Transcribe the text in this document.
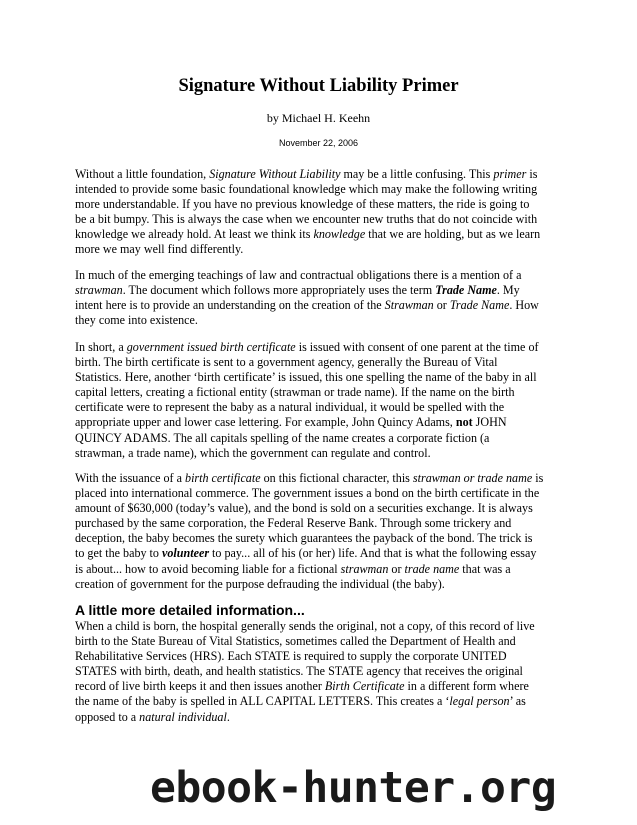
Signature Without Liability Primer
by Michael H. Keehn
November 22, 2006
Without a little foundation, Signature Without Liability may be a little confusing. This primer is
intended to provide some basic foundational knowledge which may make the following writing
more understandable. If you have no previous knowledge of these matters, the ride is going to
be a bit bumpy. This is always the case when we encounter new truths that do not coincide with
knowledge we already hold. At least we think its knowledge that we are holding, but as we learn
more we may well find differently.
In much of the emerging teachings of law and contractual obligations there is a mention of a
strawman. The document which follows more appropriately uses the term Trade Name. My
intent here is to provide an understanding on the creation of the Strawman or Trade Name. How
they come into existence.
In short, a government issued birth certificate is issued with consent of one parent at the time of
birth. The birth certificate is sent to a government agency, generally the Bureau of Vital
Statistics. Here, another ‘birth certificate’ is issued, this one spelling the name of the baby in all
capital letters, creating a fictional entity (strawman or trade name). If the name on the birth
certificate were to represent the baby as a natural individual, it would be spelled with the
appropriate upper and lower case lettering. For example, John Quincy Adams, not JOHN
QUINCY ADAMS. The all capitals spelling of the name creates a corporate fiction (a
strawman, a trade name), which the government can regulate and control.
With the issuance of a birth certificate on this fictional character, this strawman or trade name is
placed into international commerce. The government issues a bond on the birth certificate in the
amount of $630,000 (today’s value), and the bond is sold on a securities exchange. It is always
purchased by the same corporation, the Federal Reserve Bank. Through some trickery and
deception, the baby becomes the surety which guarantees the payback of the bond. The trick is
to get the baby to volunteer to pay... all of his (or her) life. And that is what the following essay
is about... how to avoid becoming liable for a fictional strawman or trade name that was a
creation of government for the purpose defrauding the individual (the baby).
A little more detailed information...
When a child is born, the hospital generally sends the original, not a copy, of this record of live
birth to the State Bureau of Vital Statistics, sometimes called the Department of Health and
Rehabilitative Services (HRS). Each STATE is required to supply the corporate UNITED
STATES with birth, death, and health statistics. The STATE agency that receives the original
record of live birth keeps it and then issues another Birth Certificate in a different form where
the name of the baby is spelled in ALL CAPITAL LETTERS. This creates a ‘legal person’ as
opposed to a natural individual.
ebook-hunter.org
